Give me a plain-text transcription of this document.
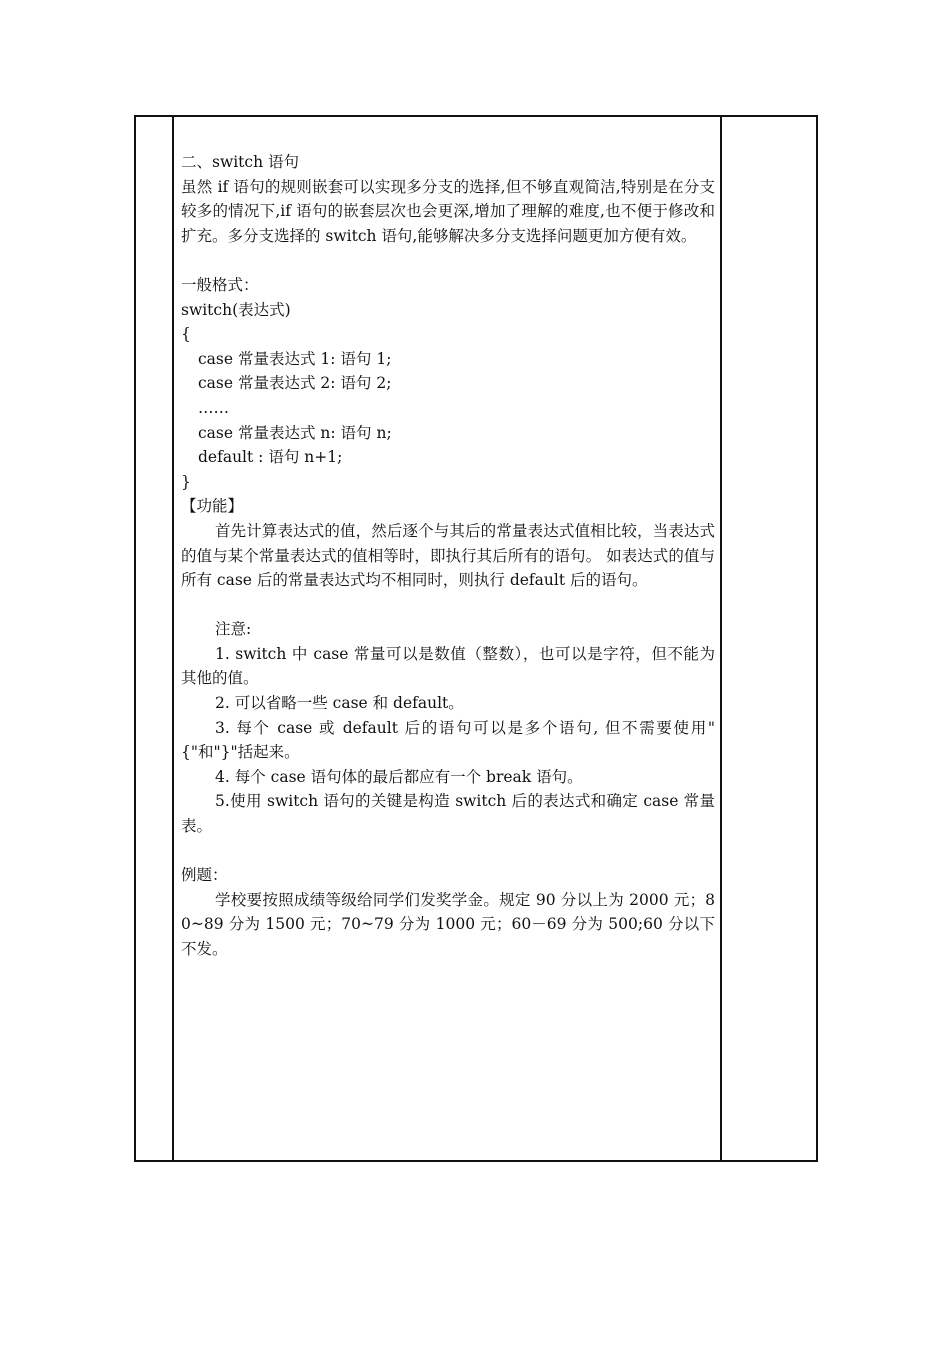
二、switch 语句
虽然 if 语句的规则嵌套可以实现多分支的选择,但不够直观简洁,特别是在分支较多的情况下,if 语句的嵌套层次也会更深,增加了理解的难度,也不便于修改和扩充。多分支选择的 switch 语句,能够解决多分支选择问题更加方便有效。
一般格式：
switch(表达式)
{
case 常量表达式 1: 语句 1;
case 常量表达式 2: 语句 2;
……
case 常量表达式 n: 语句 n;
default : 语句 n+1;
}
【功能】
首先计算表达式的值，然后逐个与其后的常量表达式值相比较，当表达式的值与某个常量表达式的值相等时，即执行其后所有的语句。 如表达式的值与所有 case 后的常量表达式均不相同时，则执行 default 后的语句。
注意:
1. switch 中 case 常量可以是数值（整数），也可以是字符，但不能为其他的值。
2. 可以省略一些 case 和 default。
3. 每个 case 或 default 后的语句可以是多个语句, 但不需要使用"{"和"}"括起来。
4. 每个 case 语句体的最后都应有一个 break 语句。
5.使用 switch 语句的关键是构造 switch 后的表达式和确定 case 常量表。
例题：
学校要按照成绩等级给同学们发奖学金。规定 90 分以上为 2000 元；80~89 分为 1500 元；70~79 分为 1000 元；60－69 分为 500;60 分以下不发。
